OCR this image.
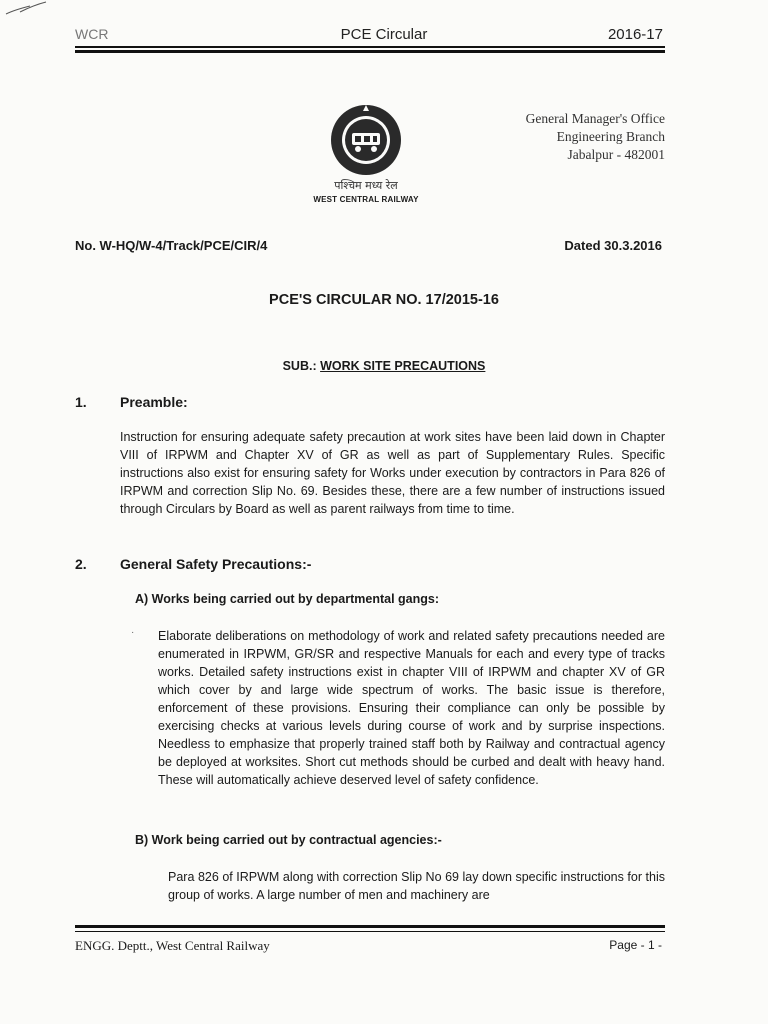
WCR	PCE Circular	2016-17
पश्चिम मध्य रेल
WEST CENTRAL RAILWAY
General Manager's Office
Engineering Branch
Jabalpur - 482001
No. W-HQ/W-4/Track/PCE/CIR/4	Dated 30.3.2016
PCE'S CIRCULAR NO. 17/2015-16
SUB.: WORK SITE PRECAUTIONS
1. Preamble:
Instruction for ensuring adequate safety precaution at work sites have been laid down in Chapter VIII of IRPWM and Chapter XV of GR as well as part of Supplementary Rules. Specific instructions also exist for ensuring safety for Works under execution by contractors in Para 826 of IRPWM and correction Slip No. 69. Besides these, there are a few number of instructions issued through Circulars by Board as well as parent railways from time to time.
2. General Safety Precautions:-
A) Works being carried out by departmental gangs:
· Elaborate deliberations on methodology of work and related safety precautions needed are enumerated in IRPWM, GR/SR and respective Manuals for each and every type of tracks works. Detailed safety instructions exist in chapter VIII of IRPWM and chapter XV of GR which cover by and large wide spectrum of works. The basic issue is therefore, enforcement of these provisions. Ensuring their compliance can only be possible by exercising checks at various levels during course of work and by surprise inspections. Needless to emphasize that properly trained staff both by Railway and contractual agency be deployed at worksites. Short cut methods should be curbed and dealt with heavy hand. These will automatically achieve deserved level of safety confidence.
B) Work being carried out by contractual agencies:-
Para 826 of IRPWM along with correction Slip No 69 lay down specific instructions for this group of works. A large number of men and machinery are
ENGG. Deptt., West Central Railway	Page - 1 -
